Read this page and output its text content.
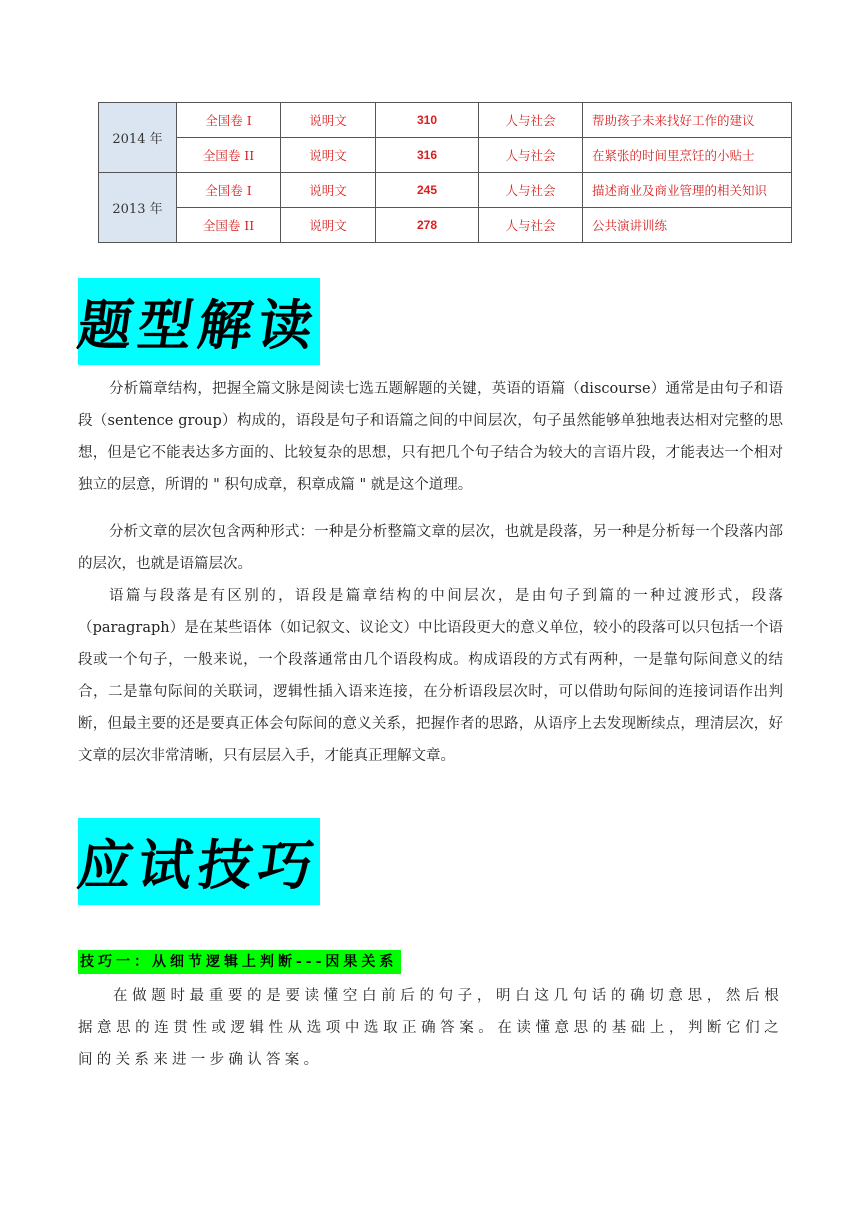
2014 年	全国卷 I	说明文	310	人与社会	帮助孩子未来找好工作的建议
	全国卷 II	说明文	316	人与社会	在紧张的时间里烹饪的小贴士
2013 年	全国卷 I	说明文	245	人与社会	描述商业及商业管理的相关知识
	全国卷 II	说明文	278	人与社会	公共演讲训练
题型解读

分析篇章结构，把握全篇文脉是阅读七选五题解题的关键，英语的语篇（discourse）通常是由句子和语段（sentence group）构成的，语段是句子和语篇之间的中间层次，句子虽然能够单独地表达相对完整的思想，但是它不能表达多方面的、比较复杂的思想，只有把几个句子结合为较大的言语片段，才能表达一个相对独立的层意，所谓的 " 积句成章，积章成篇 " 就是这个道理。

分析文章的层次包含两种形式：一种是分析整篇文章的层次，也就是段落，另一种是分析每一个段落内部的层次，也就是语篇层次。

语篇与段落是有区别的，语段是篇章结构的中间层次，是由句子到篇的一种过渡形式，段落（paragraph）是在某些语体（如记叙文、议论文）中比语段更大的意义单位，较小的段落可以只包括一个语段或一个句子，一般来说，一个段落通常由几个语段构成。构成语段的方式有两种，一是靠句际间意义的结合，二是靠句际间的关联词，逻辑性插入语来连接，在分析语段层次时，可以借助句际间的连接词语作出判断，但最主要的还是要真正体会句际间的意义关系，把握作者的思路，从语序上去发现断续点，理清层次，好文章的层次非常清晰，只有层层入手，才能真正理解文章。

应试技巧
技巧一：从细节逻辑上判断---因果关系

在做题时最重要的是要读懂空白前后的句子，明白这几句话的确切意思，然后根据意思的连贯性或逻辑性从选项中选取正确答案。在读懂意思的基础上，判断它们之间的关系来进一步确认答案。
